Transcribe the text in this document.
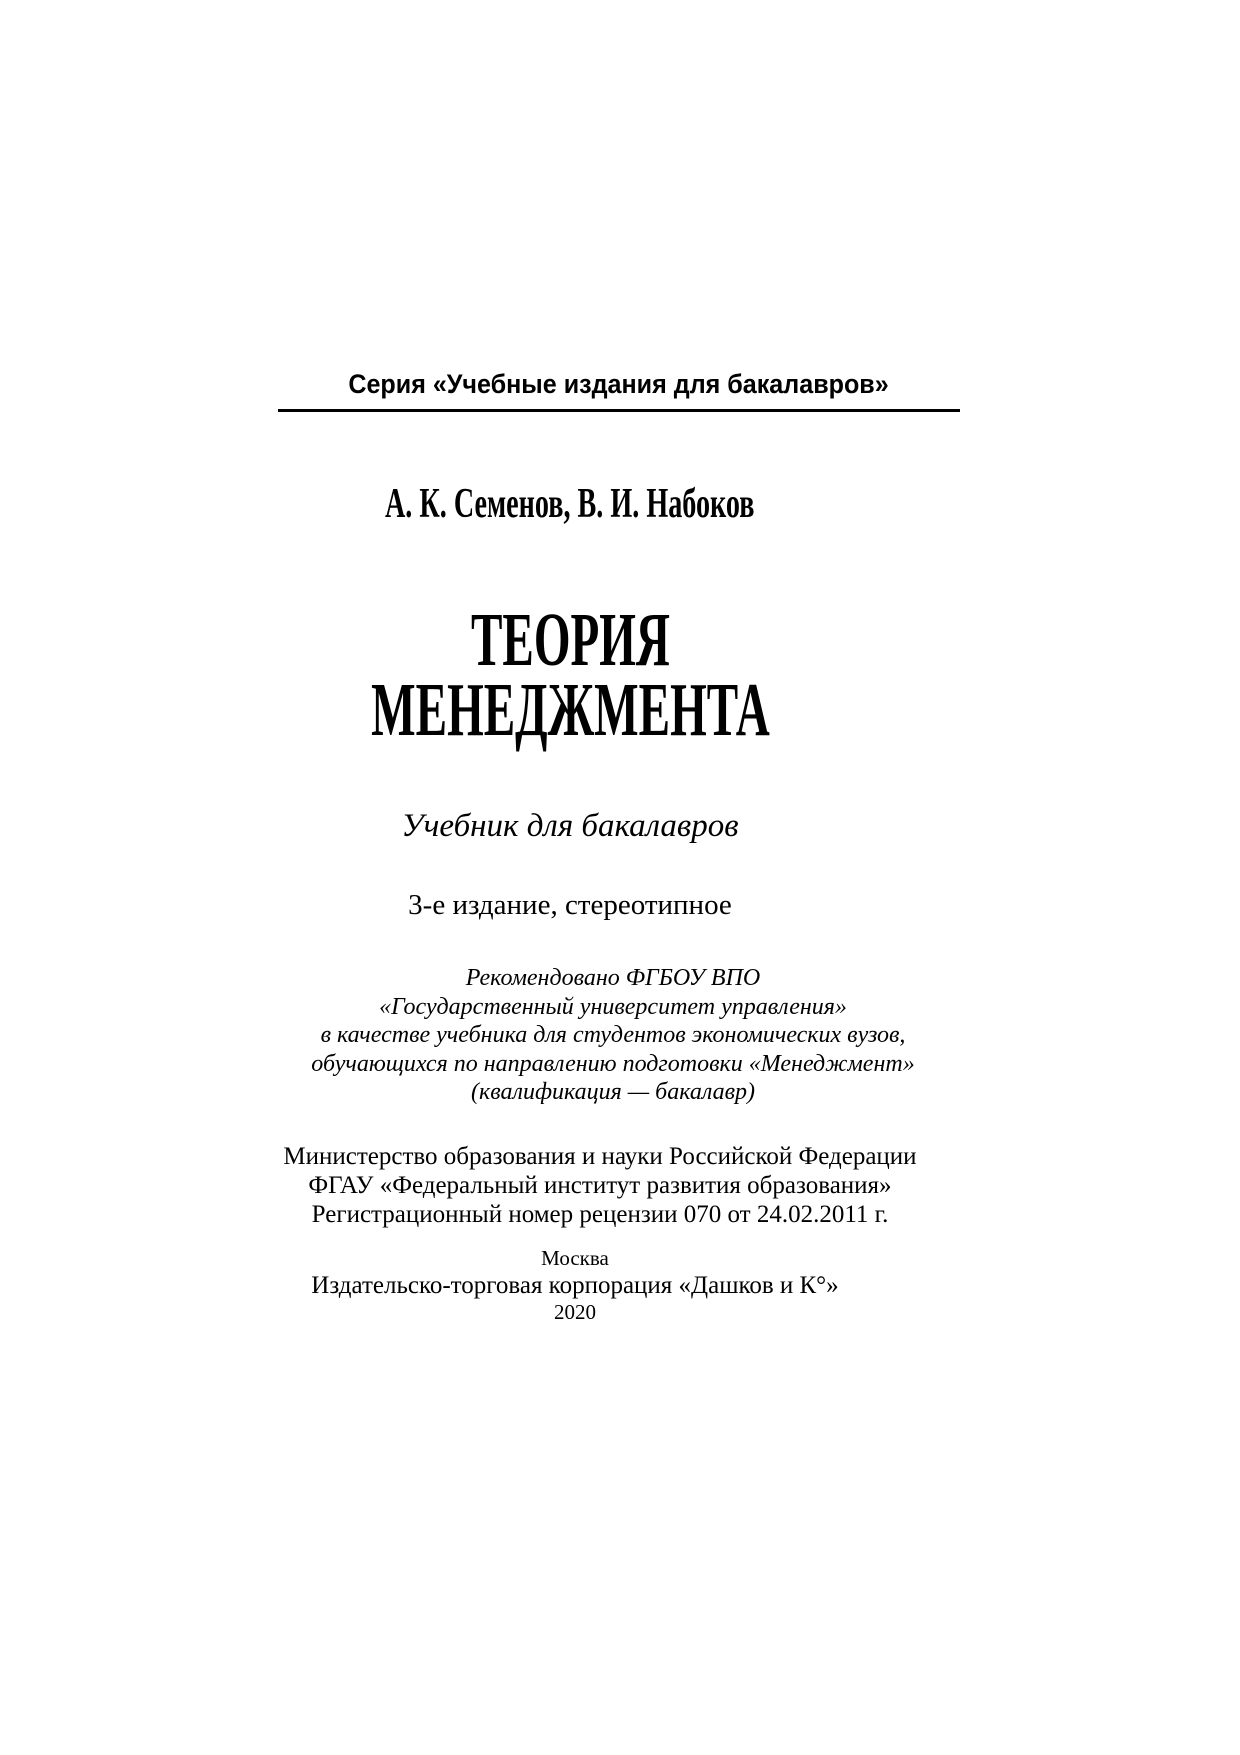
Серия «Учебные издания для бакалавров»
А. К. Семенов, В. И. Набоков
ТЕОРИЯ
МЕНЕДЖМЕНТА
Учебник для бакалавров
3-е издание, стереотипное
Рекомендовано ФГБОУ ВПО
«Государственный университет управления»
в качестве учебника для студентов экономических вузов,
обучающихся по направлению подготовки «Менеджмент»
(квалификация — бакалавр)
Министерство образования и науки Российской Федерации
ФГАУ «Федеральный институт развития образования»
Регистрационный номер рецензии 070 от 24.02.2011 г.
Москва
Издательско-торговая корпорация «Дашков и К°»
2020
